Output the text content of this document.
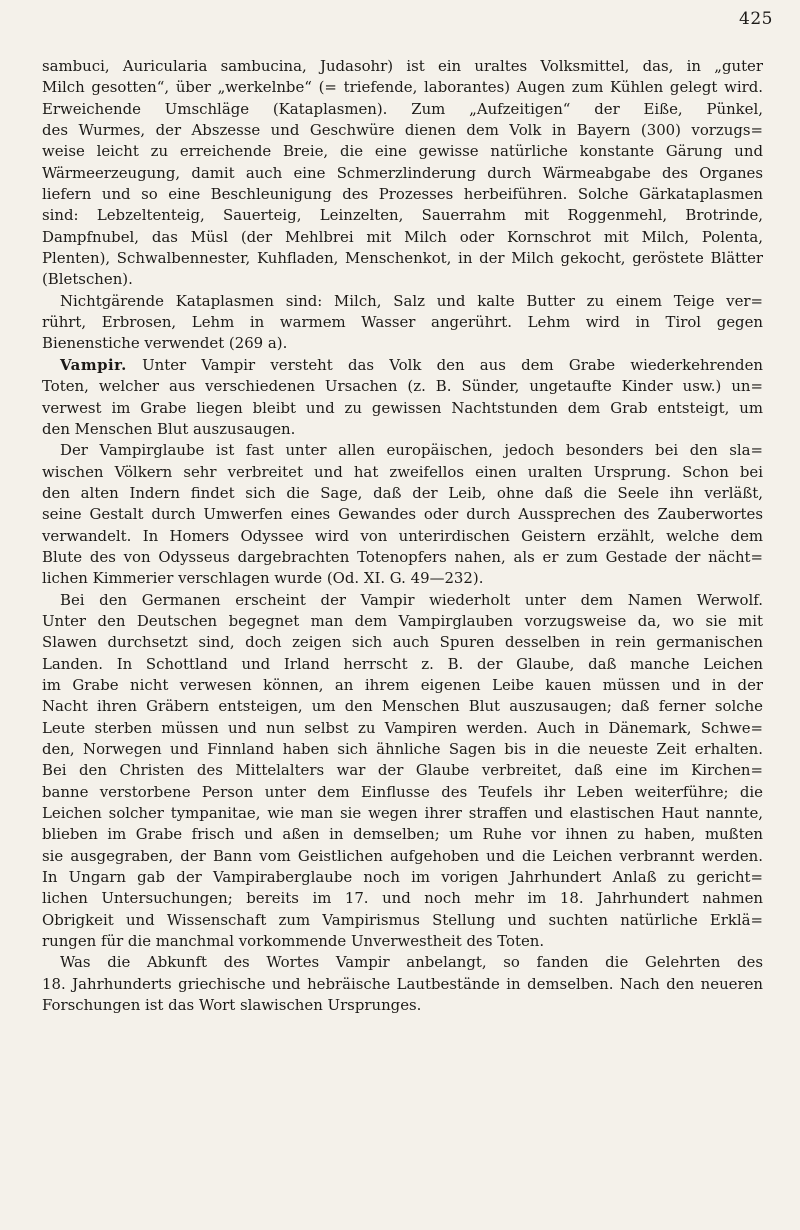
425
sambuci, Auricularia sambucina, Judasohr) ist ein uraltes Volksmittel, das, in „guter
Milch gesotten“, über „werkelnbe“ (= triefende, laborantes) Augen zum Kühlen gelegt wird.
Erweichende Umschläge (Kataplasmen). Zum „Aufzeitigen“ der Eiße, Pünkel,
des Wurmes, der Abszesse und Geschwüre dienen dem Volk in Bayern (300) vorzugs=
weise leicht zu erreichende Breie, die eine gewisse natürliche konstante Gärung und
Wärmeerzeugung, damit auch eine Schmerzlinderung durch Wärmeabgabe des Organes
liefern und so eine Beschleunigung des Prozesses herbeiführen. Solche Gärkataplasmen
sind: Lebzeltenteig, Sauerteig, Leinzelten, Sauerrahm mit Roggenmehl, Brotrinde,
Dampfnubel, das Müsl (der Mehlbrei mit Milch oder Kornschrot mit Milch, Polenta,
Plenten), Schwalbennester, Kuhfladen, Menschenkot, in der Milch gekocht, geröstete Blätter
(Bletschen).
Nichtgärende Kataplasmen sind: Milch, Salz und kalte Butter zu einem Teige ver=
rührt, Erbrosen, Lehm in warmem Wasser angerührt. Lehm wird in Tirol gegen
Bienenstiche verwendet (269 a).
Vampir. Unter Vampir versteht das Volk den aus dem Grabe wiederkehrenden
Toten, welcher aus verschiedenen Ursachen (z. B. Sünder, ungetaufte Kinder usw.) un=
verwest im Grabe liegen bleibt und zu gewissen Nachtstunden dem Grab entsteigt, um
den Menschen Blut auszusaugen.
Der Vampirglaube ist fast unter allen europäischen, jedoch besonders bei den sla=
wischen Völkern sehr verbreitet und hat zweifellos einen uralten Ursprung. Schon bei
den alten Indern findet sich die Sage, daß der Leib, ohne daß die Seele ihn verläßt,
seine Gestalt durch Umwerfen eines Gewandes oder durch Aussprechen des Zauberwortes
verwandelt. In Homers Odyssee wird von unterirdischen Geistern erzählt, welche dem
Blute des von Odysseus dargebrachten Totenopfers nahen, als er zum Gestade der nächt=
lichen Kimmerier verschlagen wurde (Od. XI. G. 49—232).
Bei den Germanen erscheint der Vampir wiederholt unter dem Namen Werwolf.
Unter den Deutschen begegnet man dem Vampirglauben vorzugsweise da, wo sie mit
Slawen durchsetzt sind, doch zeigen sich auch Spuren desselben in rein germanischen
Landen. In Schottland und Irland herrscht z. B. der Glaube, daß manche Leichen
im Grabe nicht verwesen können, an ihrem eigenen Leibe kauen müssen und in der
Nacht ihren Gräbern entsteigen, um den Menschen Blut auszusaugen; daß ferner solche
Leute sterben müssen und nun selbst zu Vampiren werden. Auch in Dänemark, Schwe=
den, Norwegen und Finnland haben sich ähnliche Sagen bis in die neueste Zeit erhalten.
Bei den Christen des Mittelalters war der Glaube verbreitet, daß eine im Kirchen=
banne verstorbene Person unter dem Einflusse des Teufels ihr Leben weiterführe; die
Leichen solcher tympanitae, wie man sie wegen ihrer straffen und elastischen Haut nannte,
blieben im Grabe frisch und aßen in demselben; um Ruhe vor ihnen zu haben, mußten
sie ausgegraben, der Bann vom Geistlichen aufgehoben und die Leichen verbrannt werden.
In Ungarn gab der Vampiraberglaube noch im vorigen Jahrhundert Anlaß zu gericht=
lichen Untersuchungen; bereits im 17. und noch mehr im 18. Jahrhundert nahmen
Obrigkeit und Wissenschaft zum Vampirismus Stellung und suchten natürliche Erklä=
rungen für die manchmal vorkommende Unverwestheit des Toten.
Was die Abkunft des Wortes Vampir anbelangt, so fanden die Gelehrten des
18. Jahrhunderts griechische und hebräische Lautbestände in demselben. Nach den neueren
Forschungen ist das Wort slawischen Ursprunges.
